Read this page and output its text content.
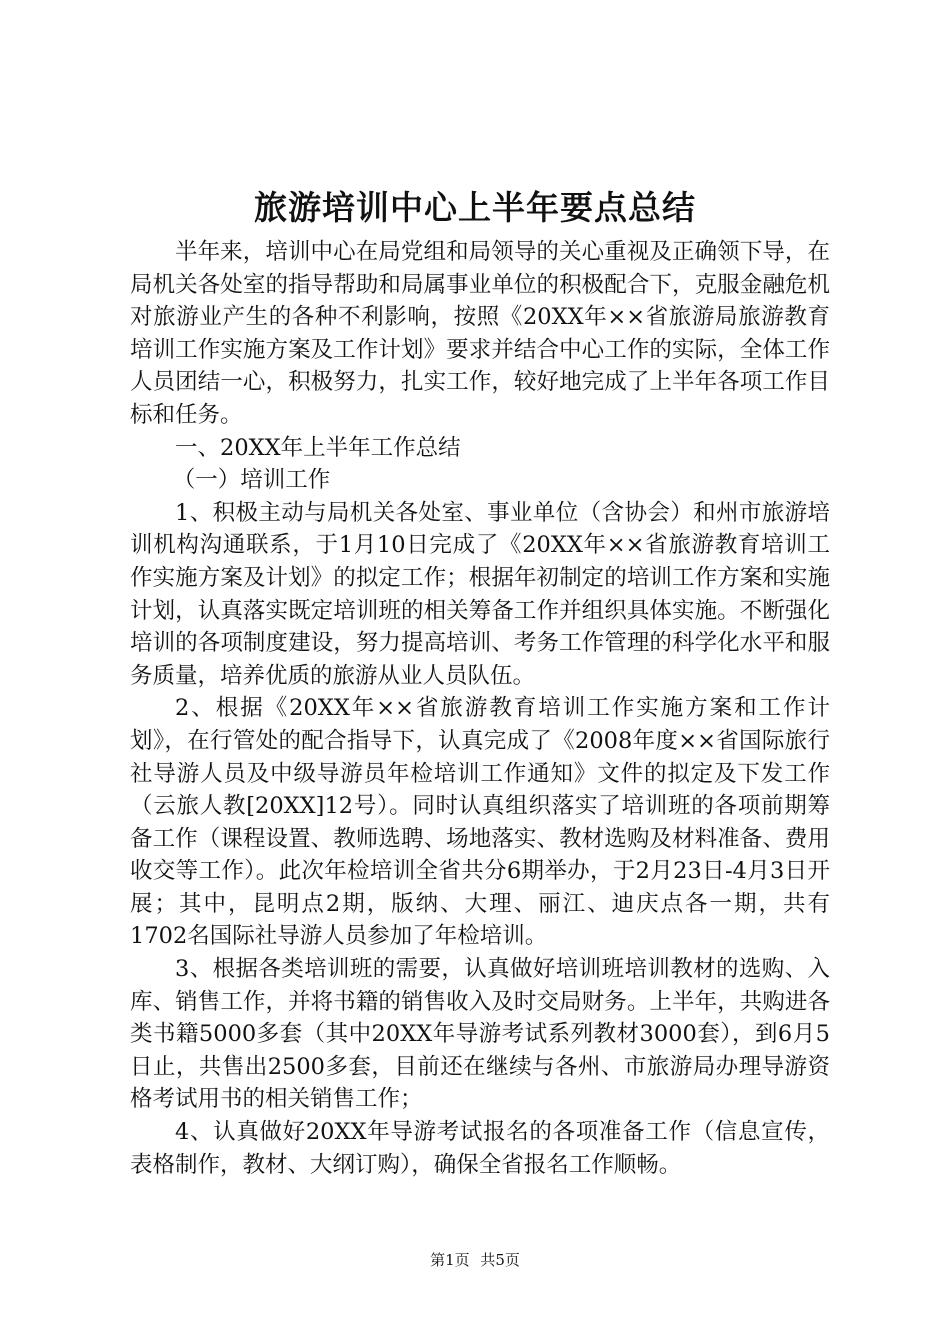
旅游培训中心上半年要点总结

半年来，培训中心在局党组和局领导的关心重视及正确领下导，在局机关各处室的指导帮助和局属事业单位的积极配合下，克服金融危机对旅游业产生的各种不利影响，按照《20XX年××省旅游局旅游教育培训工作实施方案及工作计划》要求并结合中心工作的实际，全体工作人员团结一心，积极努力，扎实工作，较好地完成了上半年各项工作目标和任务。

一、20XX年上半年工作总结

（一）培训工作

1、积极主动与局机关各处室、事业单位（含协会）和州市旅游培训机构沟通联系，于1月10日完成了《20XX年××省旅游教育培训工作实施方案及计划》的拟定工作；根据年初制定的培训工作方案和实施计划，认真落实既定培训班的相关筹备工作并组织具体实施。不断强化培训的各项制度建设，努力提高培训、考务工作管理的科学化水平和服务质量，培养优质的旅游从业人员队伍。

2、根据《20XX年××省旅游教育培训工作实施方案和工作计划》，在行管处的配合指导下，认真完成了《2008年度××省国际旅行社导游人员及中级导游员年检培训工作通知》文件的拟定及下发工作（云旅人教[20XX]12号）。同时认真组织落实了培训班的各项前期筹备工作（课程设置、教师选聘、场地落实、教材选购及材料准备、费用收交等工作）。此次年检培训全省共分6期举办，于2月23日-4月3日开展；其中，昆明点2期，版纳、大理、丽江、迪庆点各一期，共有1702名国际社导游人员参加了年检培训。

3、根据各类培训班的需要，认真做好培训班培训教材的选购、入库、销售工作，并将书籍的销售收入及时交局财务。上半年，共购进各类书籍5000多套（其中20XX年导游考试系列教材3000套），到6月5日止，共售出2500多套，目前还在继续与各州、市旅游局办理导游资格考试用书的相关销售工作；

4、认真做好20XX年导游考试报名的各项准备工作（信息宣传，表格制作，教材、大纲订购），确保全省报名工作顺畅。

第1页 共5页
